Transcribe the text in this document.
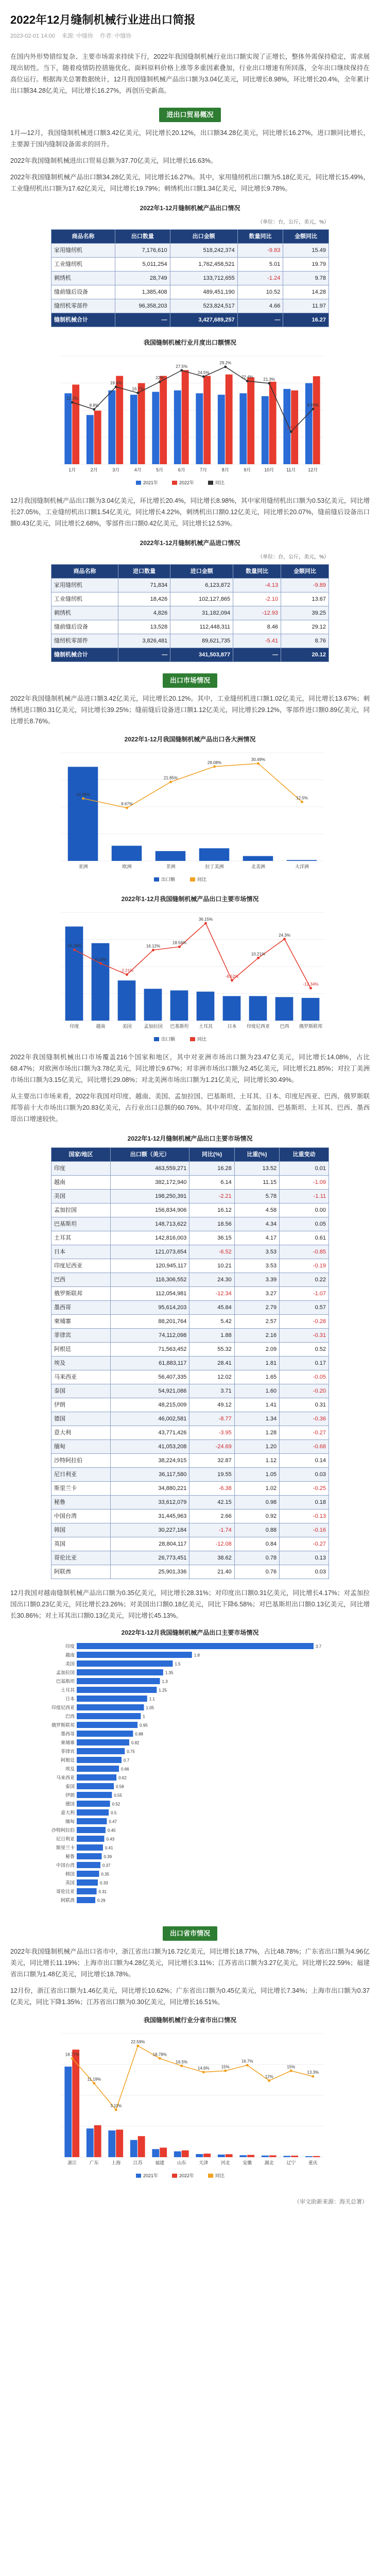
2022年12月缝制机械行业进出口简报
2023-02-01 14:00 来源: 中缝协 作者: 中缝协

在国内外形势错综复杂、主要市场需求持续下行，2022年我国缝制机械行业出口额实现了正增长，整体外需保持稳定，需求展现出韧性。当下，随着疫情防控措施优化、面料原料价格上涨等多重因素叠加，行业出口增速有所回落，全年出口继续保持在高位运行。根据海关总署数据统计，12月我国缝制机械产品出口额为3.04亿美元，同比增长8.98%，环比增长20.4%，全年累计出口额34.28亿美元，同比增长16.27%，再创历史新高。

进出口贸易概况

1月—12月，我国缝制机械进口额3.42亿美元，同比增长20.12%，出口额34.28亿美元，同比增长16.27%，进口额同比增长，主要源于国内缝制设备需求的回升。

2022年我国缝制机械进出口贸易总额为37.70亿美元，同比增长16.63%。

2022年我国缝制机械产品出口额34.28亿美元，同比增长16.27%。其中，家用缝纫机出口额为5.18亿美元，同比增长15.49%，工业缝纫机出口额为17.62亿美元，同比增长19.79%；刺绣机出口额1.34亿美元，同比增长9.78%。

2022年1-12月缝制机械产品出口情况
（单位：台，公斤，美元，%）
商品名称	出口数量	出口金额	数量同比	金额同比
家用缝纫机	7,176,610	518,242,374	-9.83	15.49
工业缝纫机	5,011,254	1,762,458,521	5.01	19.79
刺绣机	28,749	133,712,655	-1.24	9.78
缝前缝后设备	1,385,408	489,451,190	10.52	14.28
缝纫机零部件	96,358,203	523,824,517	4.66	11.97
缝制机械合计	—	3,427,689,257	—	16.27
我国缝制机械行业月度出口额情况
1月	2月	3月	4月	5月	6月	7月	8月	9月	10月	11月	12月
12.2%
8.8%
19.6%
16.7%
22%
27.5%
24.5%
29.2%
22.4% 21.3%
-1.9%
8.98%
2021年	2022年	同比

12月我国缝制机械产品出口额为3.04亿美元，环比增长20.4%，同比增长8.98%，其中家用缝纫机出口额为0.53亿美元，同比增长27.05%，工业缝纫机出口额1.54亿美元，同比增长4.22%，刺绣机出口额0.12亿美元，同比增长20.07%，缝前缝后设备出口额0.43亿美元，同比增长2.68%，零部件出口额0.42亿美元，同比增长12.53%。

2022年1-12月缝制机械产品进口情况
（单位：台，公斤，美元，%）
商品名称	进口数量	进口金额	数量同比	金额同比
家用缝纫机	71,834	6,123,872	-4.13	-9.89
工业缝纫机	18,426	102,127,865	-2.10	13.67
刺绣机	4,826	31,182,094	-12.93	39.25
缝前缝后设备	13,528	112,448,311	8.46	29.12
缝纫机零部件	3,826,481	89,621,735	-5.41	8.76
缝制机械合计	—	341,503,877	—	20.12
出口市场情况

2022年我国缝制机械产品进口额3.42亿美元，同比增长20.12%。其中，工业缝纫机进口额1.02亿美元，同比增长13.67%；刺绣机进口额0.31亿美元，同比增长39.25%；缝前缝后设备进口额1.12亿美元，同比增长29.12%，零部件进口额0.89亿美元，同比增长8.76%。

2022年1-12月我国缝制机械产品出口各大洲情况
亚洲	欧洲	非洲	拉丁美洲	北美洲	大洋洲
14.08%
9.67%
21.85%
29.08%
30.49%
12.5%
出口额	同比
2022年1-12月我国缝制机械产品出口主要市场情况
印度	越南	美国	孟加拉国 巴基斯坦 土耳其	日本 印度尼西亚 巴西 俄罗斯联邦
16.28%
6.14%
-2.21%
16.12%
18.56%
36.15%
-6.52%
10.21%
24.3%
-12.34%
出口额	同比

2022年我国缝制机械出口市场覆盖216个国家和地区，其中对亚洲市场出口额为23.47亿美元，同比增长14.08%，占比68.47%；对欧洲市场出口额为3.78亿美元，同比增长9.67%；对非洲市场出口额为2.45亿美元，同比增长21.85%；对拉丁美洲市场出口额为3.15亿美元，同比增长29.08%；对北美洲市场出口额为1.21亿美元，同比增长30.49%。

从主要出口市场来看，2022年我国对印度、越南、美国、孟加拉国、巴基斯坦、土耳其、日本、印度尼西亚、巴西、俄罗斯联邦等前十大市场出口额为20.83亿美元，占行业出口总额的60.76%。其中对印度、孟加拉国、巴基斯坦、土耳其、巴西、墨西哥出口增速较快。

2022年1-12月缝制机械产品出口主要市场情况
国家/地区	出口额（美元）	同比(%)	比重(%)	比重变动
印度	463,559,271	16.28	13.52	0.01
越南	382,172,940	6.14	11.15	-1.09
美国	198,250,391	-2.21	5.78	-1.11
孟加拉国	156,834,906	16.12	4.58	0.00
巴基斯坦	148,713,622	18.56	4.34	0.05
土耳其	142,816,003	36.15	4.17	0.61
日本	121,073,654	-6.52	3.53	-0.85
印度尼西亚	120,945,117	10.21	3.53	-0.19
巴西	116,306,552	24.30	3.39	0.22
俄罗斯联邦	112,054,981	-12.34	3.27	-1.07
墨西哥	95,614,203	45.84	2.79	0.57
柬埔寨	88,201,764	5.42	2.57	-0.28
菲律宾	74,112,098	1.88	2.16	-0.31
阿根廷	71,563,452	55.32	2.09	0.52
埃及	61,883,117	28.41	1.81	0.17
马来西亚	56,407,335	12.02	1.65	-0.05
泰国	54,921,086	3.71	1.60	-0.20
伊朗	48,215,009	49.12	1.41	0.31
德国	46,002,581	-8.77	1.34	-0.36
意大利	43,771,426	-3.95	1.28	-0.27
缅甸	41,053,208	-24.69	1.20	-0.68
沙特阿拉伯	38,224,915	32.87	1.12	0.14
尼日利亚	36,117,580	19.55	1.05	0.03
斯里兰卡	34,880,221	-6.38	1.02	-0.25
秘鲁	33,612,079	42.15	0.98	0.18
中国台湾	31,445,963	2.66	0.92	-0.13
韩国	30,227,184	-1.74	0.88	-0.16
英国	28,804,117	-12.08	0.84	-0.27
哥伦比亚	26,773,451	38.62	0.78	0.13
阿联酋	25,901,336	21.40	0.76	0.03

12月我国对越南缝制机械产品出口额为0.35亿美元，同比增长28.31%；对印度出口额0.31亿美元，同比增长4.17%；对孟加拉国出口额0.23亿美元，同比增长23.26%；对美国出口额0.18亿美元，同比下降6.58%；对巴基斯坦出口额0.13亿美元，同比增长30.86%；对土耳其出口额0.13亿美元，同比增长45.13%。

2022年1-12月我国缝制机械产品出口主要市场情况
印度	3.7
越南	1.8
美国	1.5
孟加拉国	1.35
巴基斯坦	1.3
土耳其	1.25
日本	1.1
印度尼西亚	1.05
巴西	1
俄罗斯联邦	0.95
墨西哥	0.88
柬埔寨	0.82
菲律宾	0.75
阿根廷	0.7
埃及	0.66
马来西亚	0.62
泰国	0.58
伊朗	0.55
德国	0.52
意大利	0.5
缅甸	0.47
沙特阿拉伯	0.45
尼日利亚	0.43
斯里兰卡	0.41
秘鲁	0.39
中国台湾	0.37
韩国	0.35
英国	0.33
哥伦比亚	0.31
阿联酋	0.29
出口省市情况

2022年我国缝制机械产品出口省市中，浙江省出口额为16.72亿美元，同比增长18.77%，占比48.78%；广东省出口额为4.96亿美元，同比增长11.19%；上海市出口额为4.28亿美元，同比增长3.11%；江苏省出口额为3.27亿美元，同比增长22.59%；福建省出口额为1.48亿美元，同比增长18.78%。

12月份，浙江省出口额为1.46亿美元，同比增长10.62%；广东省出口额为0.45亿美元，同比增长7.34%；上海市出口额为0.37亿美元，同比下降1.35%；江苏省出口额为0.30亿美元，同比增长16.51%。

我国缝制机械行业分省市出口情况
浙江	广东	上海	江苏	福建	山东	天津	河北	安徽	湖北	辽宁	重庆
18.77%
11.19%
3.11%
22.59%
18.78%
16.5%
14.6%	15%
16.7%
12%
15%
13.3%
2021年	2022年	同比
（审文助新来源：海关总署）
